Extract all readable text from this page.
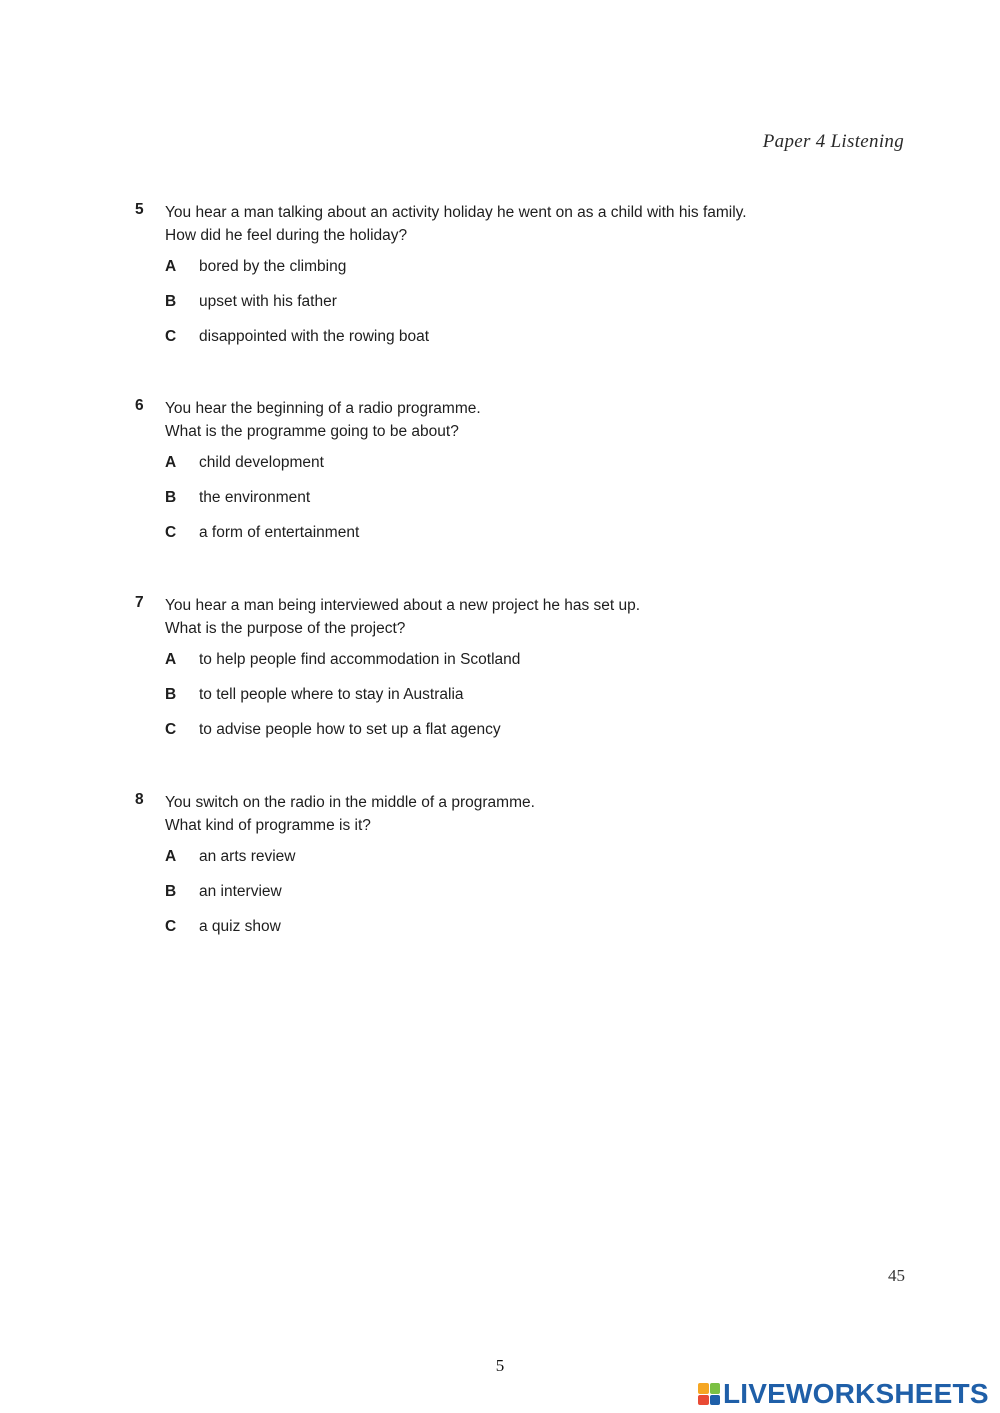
Paper 4 Listening
5 You hear a man talking about an activity holiday he went on as a child with his family.
How did he feel during the holiday?
A	bored by the climbing
B	upset with his father
C	disappointed with the rowing boat
6 You hear the beginning of a radio programme.
What is the programme going to be about?
A	child development
B	the environment
C	a form of entertainment
7 You hear a man being interviewed about a new project he has set up.
What is the purpose of the project?
A	to help people find accommodation in Scotland
B	to tell people where to stay in Australia
C	to advise people how to set up a flat agency
8 You switch on the radio in the middle of a programme.
What kind of programme is it?
A	an arts review
B	an interview
C	a quiz show
45
5
LIVEWORKSHEETS
